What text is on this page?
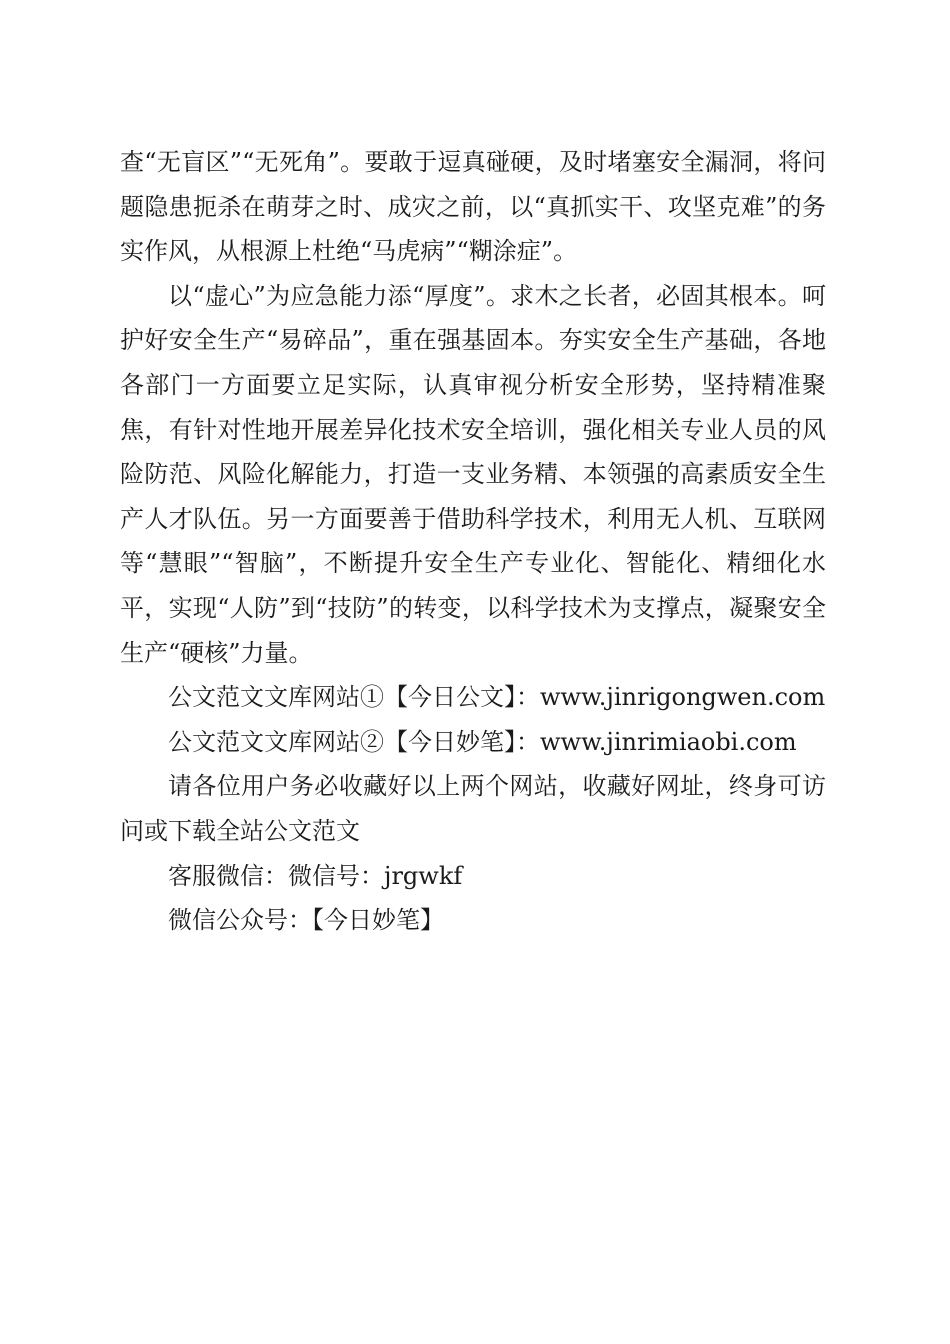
查“无盲区”“无死角”。要敢于逗真碰硬，及时堵塞安全漏洞，将问题隐患扼杀在萌芽之时、成灾之前，以“真抓实干、攻坚克难”的务实作风，从根源上杜绝“马虎病”“糊涂症”。

以“虚心”为应急能力添“厚度”。求木之长者，必固其根本。呵护好安全生产“易碎品”，重在强基固本。夯实安全生产基础，各地各部门一方面要立足实际，认真审视分析安全形势，坚持精准聚焦，有针对性地开展差异化技术安全培训，强化相关专业人员的风险防范、风险化解能力，打造一支业务精、本领强的高素质安全生产人才队伍。另一方面要善于借助科学技术，利用无人机、互联网等“慧眼”“智脑”，不断提升安全生产专业化、智能化、精细化水平，实现“人防”到“技防”的转变，以科学技术为支撑点，凝聚安全生产“硬核”力量。

公文范文文库网站①【今日公文】：www.jinrigongwen.com

公文范文文库网站②【今日妙笔】：www.jinrimiaobi.com

请各位用户务必收藏好以上两个网站，收藏好网址，终身可访问或下载全站公文范文

客服微信：微信号：jrgwkf

微信公众号：【今日妙笔】
